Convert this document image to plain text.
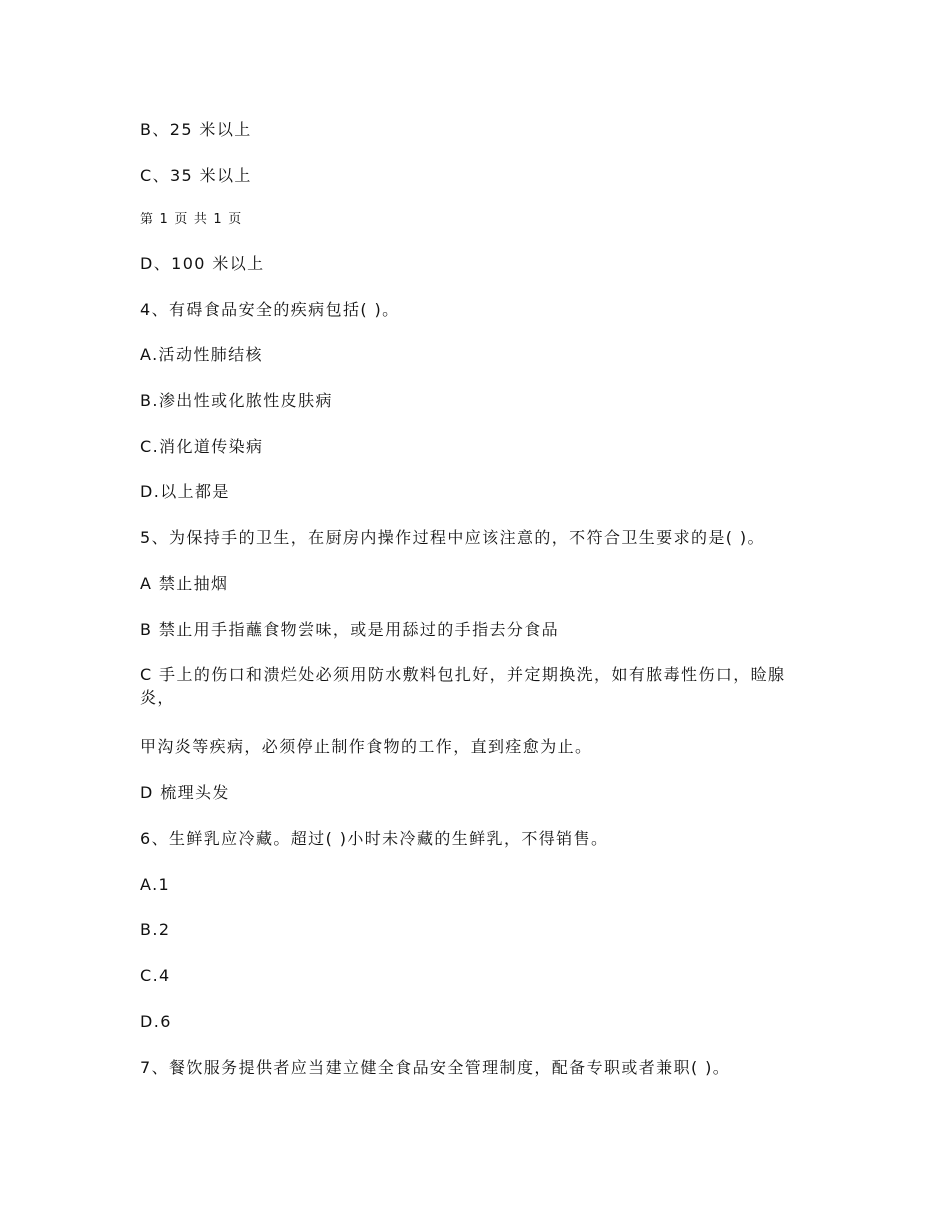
B、25 米以上
C、35 米以上
第 1 页 共 1 页
D、100 米以上
4、有碍食品安全的疾病包括( )。
A.活动性肺结核
B.渗出性或化脓性皮肤病
C.消化道传染病
D.以上都是
5、为保持手的卫生，在厨房内操作过程中应该注意的，不符合卫生要求的是( )。
A 禁止抽烟
B 禁止用手指蘸食物尝味，或是用舔过的手指去分食品
C 手上的伤口和溃烂处必须用防水敷料包扎好，并定期换洗，如有脓毒性伤口，睑腺炎，
甲沟炎等疾病，必须停止制作食物的工作，直到痊愈为止。
D 梳理头发
6、生鲜乳应冷藏。超过( )小时未冷藏的生鲜乳，不得销售。
A.1
B.2
C.4
D.6
7、餐饮服务提供者应当建立健全食品安全管理制度，配备专职或者兼职( )。
